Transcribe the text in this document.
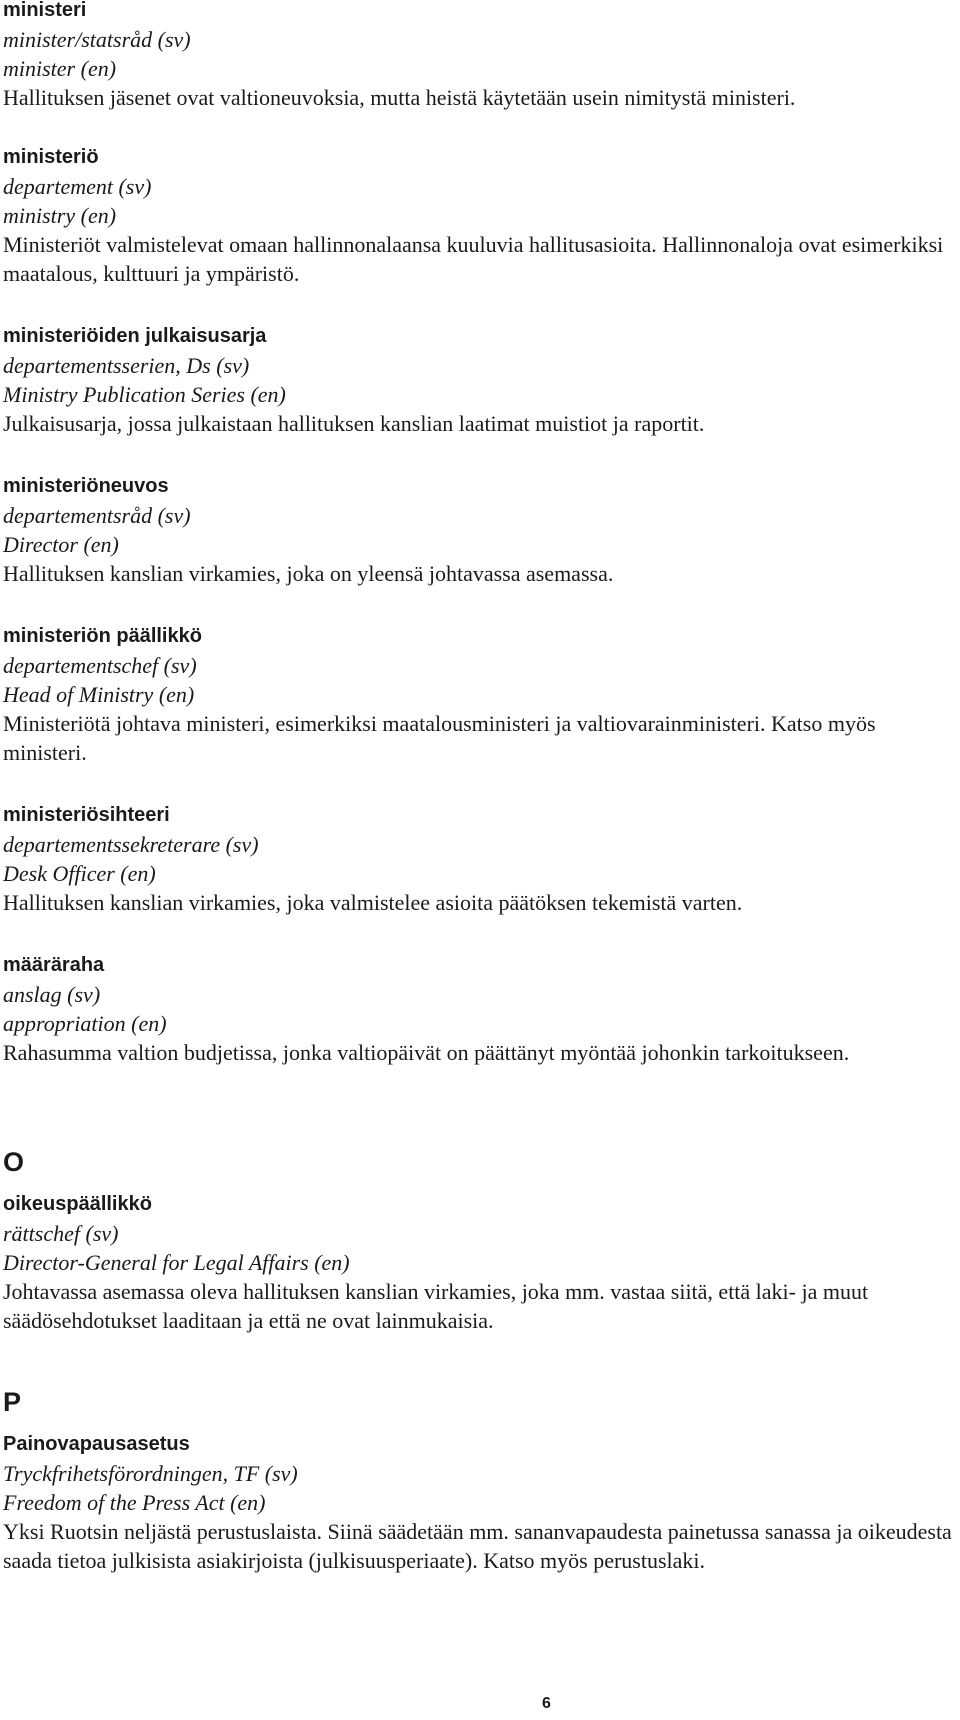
ministeri
minister/statsråd (sv)
minister (en)
Hallituksen jäsenet ovat valtioneuvoksia, mutta heistä käytetään usein nimitystä ministeri.
ministeriö
departement (sv)
ministry (en)
Ministeriöt valmistelevat omaan hallinnonalaansa kuuluvia hallitusasioita. Hallinnonaloja ovat esimerkiksi maatalous, kulttuuri ja ympäristö.
ministeriöiden julkaisusarja
departementsserien, Ds (sv)
Ministry Publication Series (en)
Julkaisusarja, jossa julkaistaan hallituksen kanslian laatimat muistiot ja raportit.
ministeriöneuvos
departementsråd (sv)
Director (en)
Hallituksen kanslian virkamies, joka on yleensä johtavassa asemassa.
ministeriön päällikkö
departementschef (sv)
Head of Ministry (en)
Ministeriötä johtava ministeri, esimerkiksi maatalousministeri ja valtiovarainministeri. Katso myös ministeri.
ministeriösihteeri
departementssekreterare (sv)
Desk Officer (en)
Hallituksen kanslian virkamies, joka valmistelee asioita päätöksen tekemistä varten.
määräraha
anslag (sv)
appropriation (en)
Rahasumma valtion budjetissa, jonka valtiopäivät on päättänyt myöntää johonkin tarkoitukseen.
O
oikeuspäällikkö
rättschef (sv)
Director-General for Legal Affairs (en)
Johtavassa asemassa oleva hallituksen kanslian virkamies, joka mm. vastaa siitä, että laki- ja muut säädösehdotukset laaditaan ja että ne ovat lainmukaisia.
P
Painovapausasetus
Tryckfrihetsförordningen, TF (sv)
Freedom of the Press Act (en)
Yksi Ruotsin neljästä perustuslaista. Siinä säädetään mm. sananvapaudesta painetussa sanassa ja oikeudesta saada tietoa julkisista asiakirjoista (julkisuusperiaate). Katso myös perustuslaki.
6
